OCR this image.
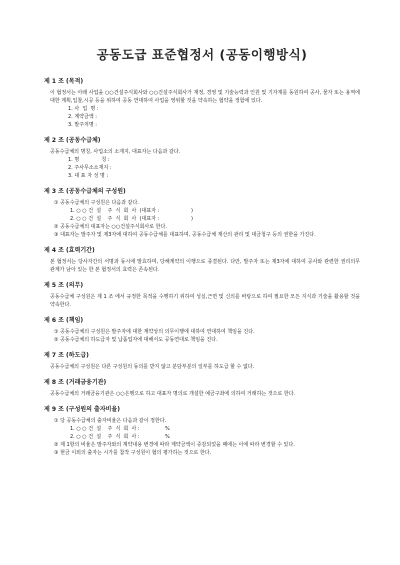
공동도급 표준협정서 (공동이행방식)
제 1 조 (목적)
이 협정서는 아래 사업을 ○○건설주식회사와 ○○건설주식회사가 재정, 경영 및 기술능력과 인원 및 기자재를 동원하여 공사, 물자 또는 용역에 대한 계획,입찰,시공 등을 위하여 공동 연대하여 사업을 영위할 것을 약속하는 협약을 정함에 있다.
1. 사  업  명 :
2. 계약금액 :
3. 발주처명 :
제 2 조 (공동수급체)
공동수급체의 명칭, 사업소의 소재지, 대표자는 다음과 같다.
1. 명              칭 :
2. 주사무소소재지 :
3. 대 표 자 성 명 :
제 3 조 (공동수급체의 구성원)
① 공동수급체의 구성원은 다음과 같다.
1. ○ ○ 건  설    주  식  회  사  (대표자 :                    )
2. ○ ○ 건  설    주  식  회  사  (대표자 :                    )
② 공동수급체의 대표자는 ○○건설주식회사로 한다.
③ 대표자는 발주자 및 제3자에 대하여 공동수급체를 대표하며, 공동수급체 재산의 관리 및 대금청구 등의 권한을 가진다.
제 4 조 (효력기간)
본 협정서는 당사자간의 서명과 동시에 발효하며, 당해계약의 이행으로 종결된다. 다만, 발주자 또는 제3자에 대하여 공사와 관련한 권리의무 관계가 남아 있는 한 본 협정서의 효력은 존속된다.
제 5 조 (의무)
공동수급체 구성원은 제 1 조 에서 규정한 목적을 수행하기 위하여 성실,근면 및 신의를 바탕으로 하여 필요한 모든 지식과 기술을 활용할 것을 약속한다.
제 6 조 (책임)
① 공동수급체의 구성원은 발주자에 대한 계약상의 의무이행에 대하여 연대하여 책임을 진다.
② 공동수급체의 하도급자 및 납품업자에 대해서도 공동연대로 책임을 진다.
제 7 조 (하도급)
공동수급체의 구성원은 다른 구성원의 동의를 받지 않고 분담부분의 일부를 하도급 할 수 없다.
제 8 조 (거래금융기관)
공동수급체의 거래금융기관은 ○○은행으로 하고 대표자 명의로 개설한 예금구좌에 의하여 거래하는 것으로 한다.
제 9 조 (구성원의 출자비율)
① 당 공동수급체의 출자비율은 다음과 같이 정한다.
1. ○ ○ 건  설    주  식  회  사 :                %
2. ○ ○ 건  설    주  식  회  사 :                %
② 제 1항의 비율은 발주자와의 계약내용 변경에 따라 계약금액이 증감되었을 때에는 이에 따라 변경할 수 있다.
③ 현금 이외의 출자는 시가를 참작 구성원이 협의 평가하는 것으로 한다.
